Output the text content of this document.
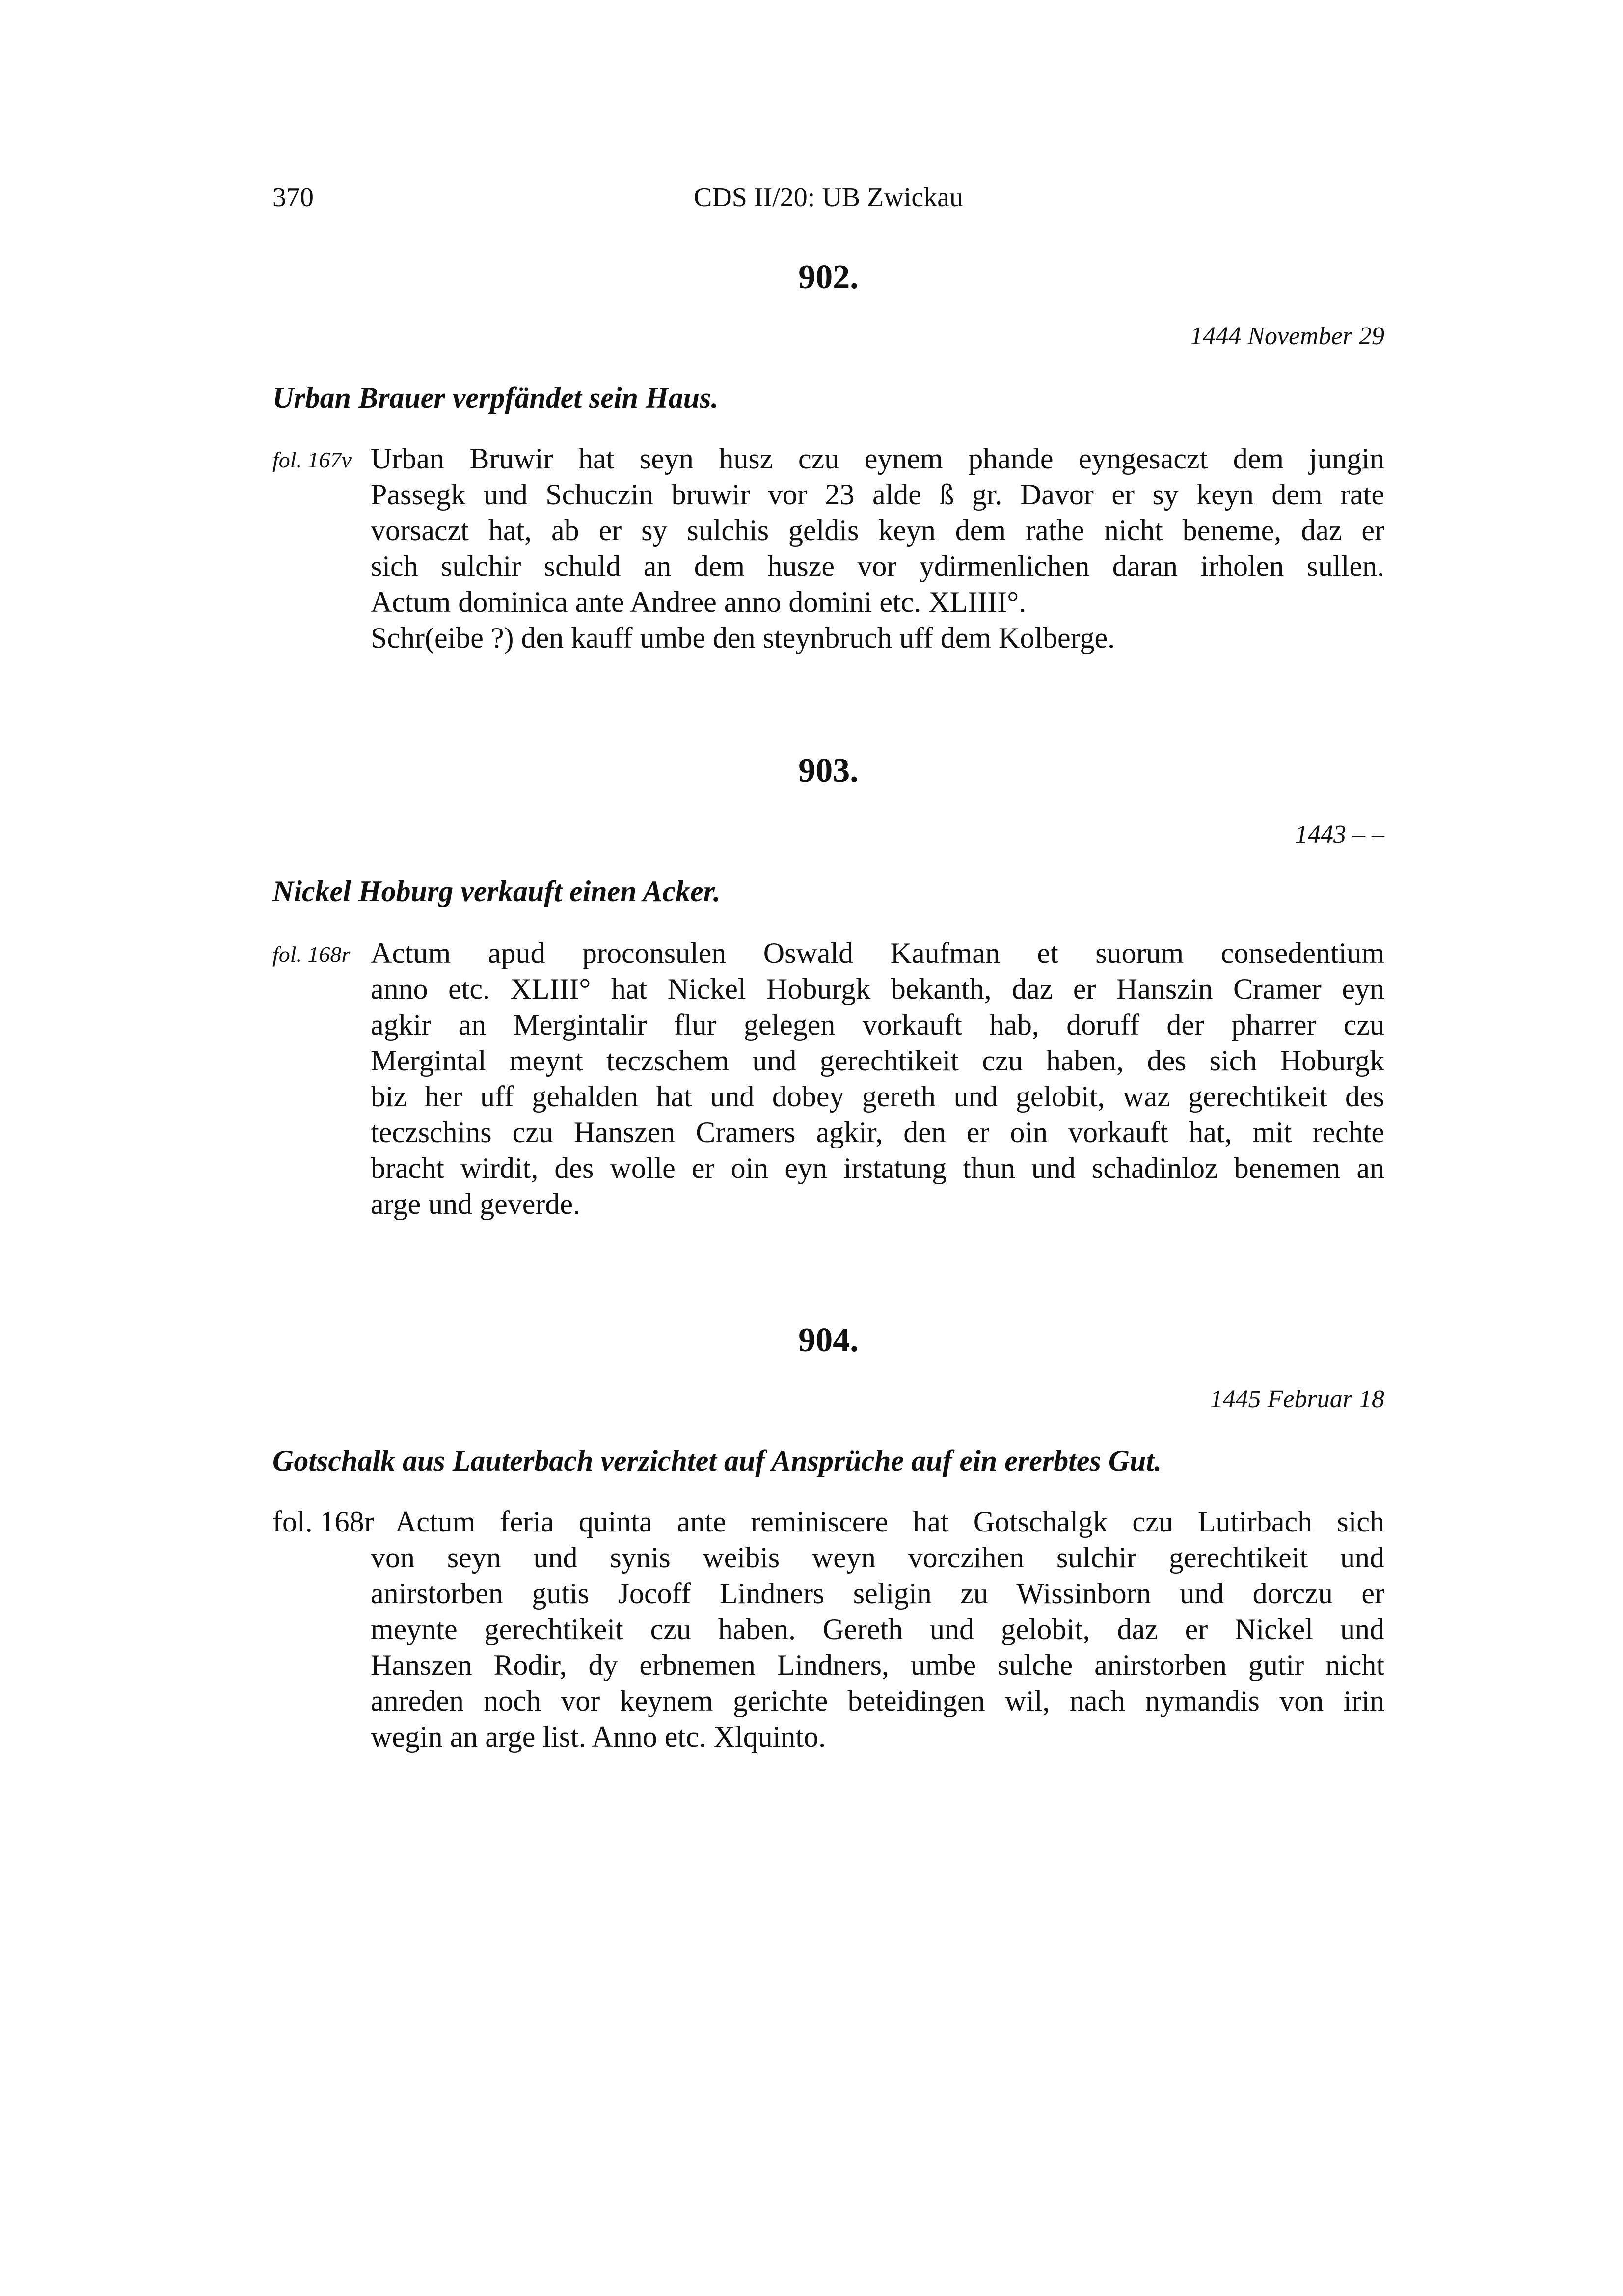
370	CDS II/20: UB Zwickau
902.
1444 November 29
Urban Brauer verpfändet sein Haus.
fol. 167v Urban Bruwir hat seyn husz czu eynem phande eyngesaczt dem jungin
Passegk und Schuczin bruwir vor 23 alde ß gr. Davor er sy keyn dem rate
vorsaczt hat, ab er sy sulchis geldis keyn dem rathe nicht beneme, daz er
sich sulchir schuld an dem husze vor ydirmenlichen daran irholen sullen.
Actum dominica ante Andree anno domini etc. XLIIII°.
Schr(eibe ?) den kauff umbe den steynbruch uff dem Kolberge.
903.
1443 – –
Nickel Hoburg verkauft einen Acker.
fol. 168r Actum apud proconsulen Oswald Kaufman et suorum consedentium
anno etc. XLIII° hat Nickel Hoburgk bekanth, daz er Hanszin Cramer eyn
agkir an Mergintalir flur gelegen vorkauft hab, doruff der pharrer czu
Mergintal meynt teczschem und gerechtikeit czu haben, des sich Hoburgk
biz her uff gehalden hat und dobey gereth und gelobit, waz gerechtikeit des
teczschins czu Hanszen Cramers agkir, den er oin vorkauft hat, mit rechte
bracht wirdit, des wolle er oin eyn irstatung thun und schadinloz benemen an
arge und geverde.
904.
1445 Februar 18
Gotschalk aus Lauterbach verzichtet auf Ansprüche auf ein ererbtes Gut.
fol. 168r Actum feria quinta ante reminiscere hat Gotschalgk czu Lutirbach sich
von seyn und synis weibis weyn vorczihen sulchir gerechtikeit und
anirstorben gutis Jocoff Lindners seligin zu Wissinborn und dorczu er
meynte gerechtikeit czu haben. Gereth und gelobit, daz er Nickel und
Hanszen Rodir, dy erbnemen Lindners, umbe sulche anirstorben gutir nicht
anreden noch vor keynem gerichte beteidingen wil, nach nymandis von irin
wegin an arge list. Anno etc. Xlquinto.
